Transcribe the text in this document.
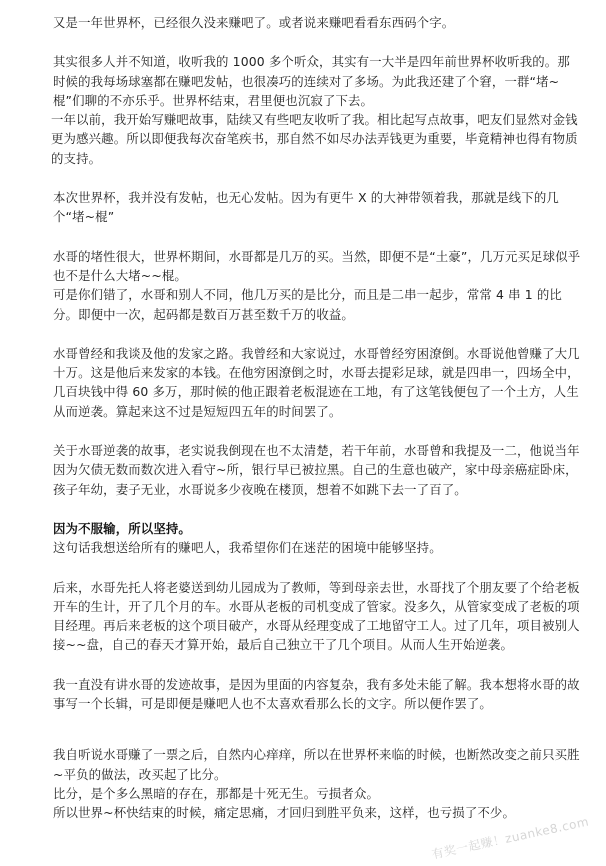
又是一年世界杯，已经很久没来赚吧了。或者说来赚吧看看东西码个字。

其实很多人并不知道，收听我的 1000 多个听众，其实有一大半是四年前世界杯收听我的。那时候的我每场球塞都在赚吧发帖，也很凑巧的连续对了多场。为此我还建了个窘，一群“堵~棍”们聊的不亦乐乎。世界杯结束，君里便也沉寂了下去。

一年以前，我开始写赚吧故事，陆续又有些吧友收听了我。相比起写点故事，吧友们显然对金钱更为感兴趣。所以即便我每次奋笔疾书，那自然不如尽办法弄钱更为重要，毕竟精神也得有物质的支持。

本次世界杯，我并没有发帖，也无心发帖。因为有更牛 X 的大神带领着我，那就是线下的几个“堵~棍”

水哥的堵性很大，世界杯期间，水哥都是几万的买。当然，即便不是“土豪”，几万元买足球似乎也不是什么大堵~~棍。

可是你们错了，水哥和别人不同，他几万买的是比分，而且是二串一起步，常常 4 串 1 的比分。即便中一次，起码都是数百万甚至数千万的收益。

水哥曾经和我谈及他的发家之路。我曾经和大家说过，水哥曾经穷困潦倒。水哥说他曾赚了大几十万。这是他后来发家的本钱。在他穷困潦倒之时，水哥去提彩足球，就是四串一，四场全中，几百块钱中得 60 多万，那时候的他正跟着老板混迹在工地，有了这笔钱便包了一个土方，人生从而逆袭。算起来这不过是短短四五年的时间罢了。

关于水哥逆袭的故事，老实说我倒现在也不太清楚，若干年前，水哥曾和我提及一二，他说当年因为欠债无数而数次进入看守~所，银行早已被拉黑。自己的生意也破产，家中母亲癌症卧床，孩子年幼，妻子无业，水哥说多少夜晚在楼顶，想着不如跳下去一了百了。

因为不服输，所以坚持。

这句话我想送给所有的赚吧人，我希望你们在迷茫的困境中能够坚持。

后来，水哥先托人将老婆送到幼儿园成为了教师，等到母亲去世，水哥找了个朋友要了个给老板开车的生计，开了几个月的车。水哥从老板的司机变成了管家。没多久，从管家变成了老板的项目经理。再后来老板的这个项目破产，水哥从经理变成了工地留守工人。过了几年，项目被别人接~~盘，自己的春天才算开始，最后自己独立干了几个项目。从而人生开始逆袭。

我一直没有讲水哥的发迹故事，是因为里面的内容复杂，我有多处未能了解。我本想将水哥的故事写一个长辑，可是即便是赚吧人也不太喜欢看那么长的文字。所以便作罢了。

我自听说水哥赚了一票之后，自然内心痒痒，所以在世界杯来临的时候，也断然改变之前只买胜~平负的做法，改买起了比分。

比分，是个多么黑暗的存在，那都是十死无生。亏损者众。

所以世界~杯快结束的时候，痛定思痛，才回归到胜平负来，这样，也亏损了不少。

有奖一起赚！zuanke8.com
